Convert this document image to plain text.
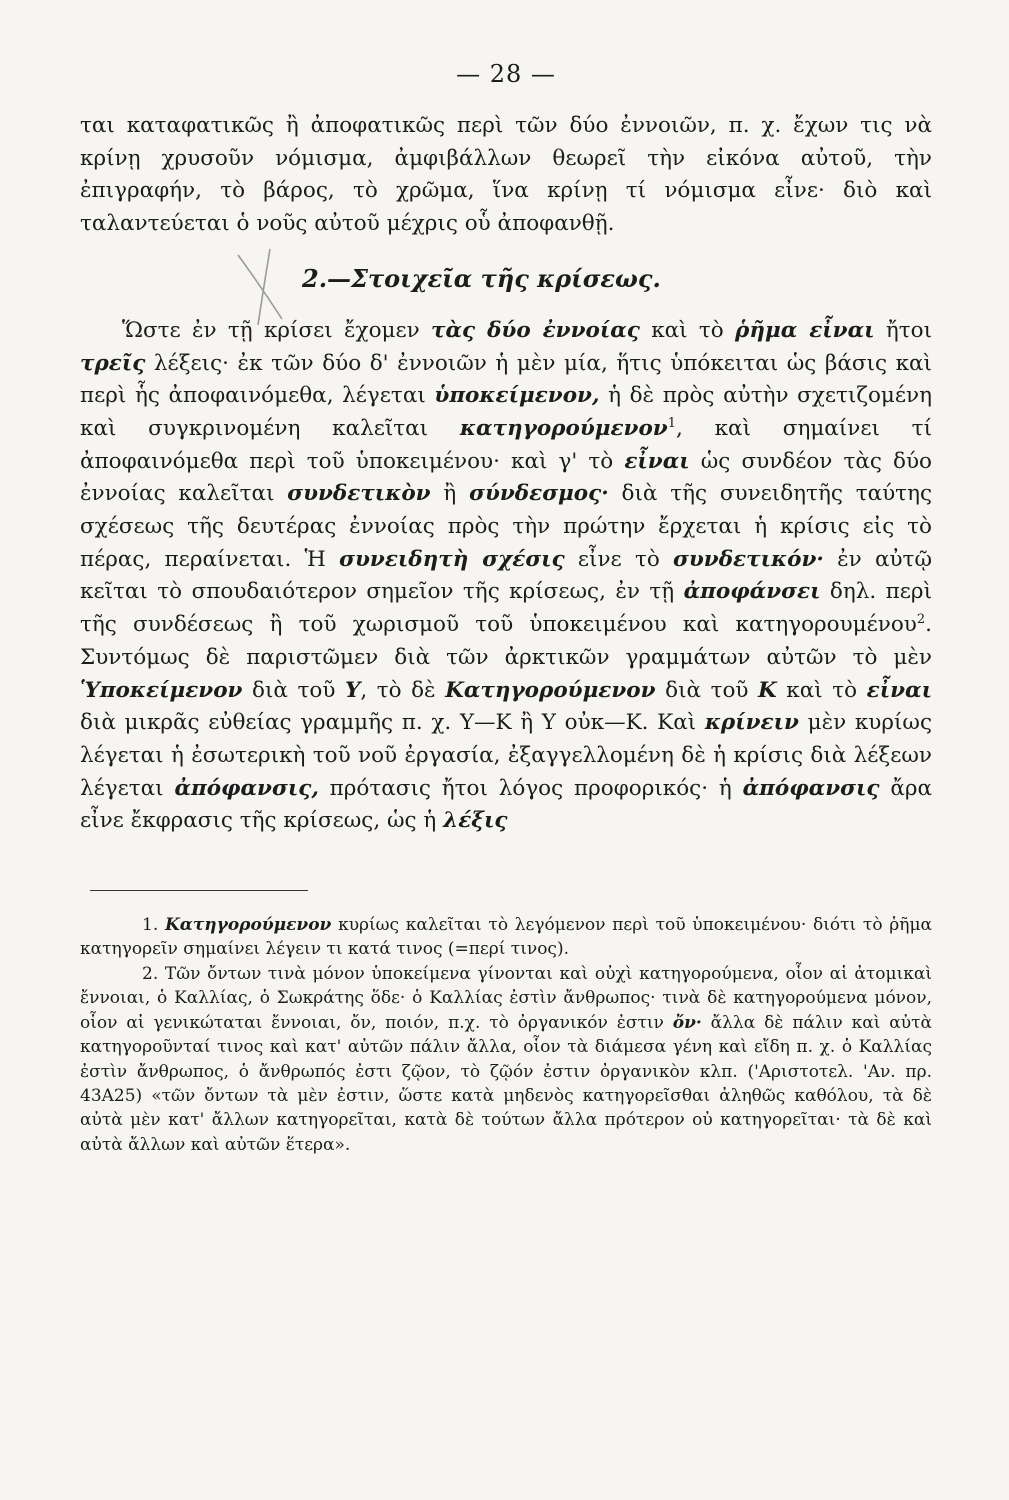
— 28 —

ται καταφατικῶς ἢ ἀποφατικῶς περὶ τῶν δύο ἐννοιῶν, π. χ. ἔχων τις νὰ κρίνῃ χρυσοῦν νόμισμα, ἀμφιβάλλων θεωρεῖ τὴν εἰκόνα αὐτοῦ, τὴν ἐπιγραφήν, τὸ βάρος, τὸ χρῶμα, ἵνα κρίνῃ τί νόμισμα εἶνε· διὸ καὶ ταλαντεύεται ὁ νοῦς αὐτοῦ μέχρις οὗ ἀποφανθῇ.

2.—Στοιχεῖα τῆς κρίσεως.

Ὥστε ἐν τῇ κρίσει ἔχομεν τὰς δύο ἐννοίας καὶ τὸ ῥῆμα εἶναι ἤτοι τρεῖς λέξεις· ἐκ τῶν δύο δ' ἐννοιῶν ἡ μὲν μία, ἥτις ὑπόκειται ὡς βάσις καὶ περὶ ἧς ἀποφαινόμεθα, λέγεται ὑποκείμενον, ἡ δὲ πρὸς αὐτὴν σχετιζομένη καὶ συγκρινομένη καλεῖται κατηγορούμενον$^1$, καὶ σημαίνει τί ἀποφαινόμεθα περὶ τοῦ ὑποκειμένου· καὶ γ' τὸ εἶναι ὡς συνδέον τὰς δύο ἐννοίας καλεῖται συνδετικὸν ἢ σύνδεσμος· διὰ τῆς συνειδητῆς ταύτης σχέσεως τῆς δευτέρας ἐννοίας πρὸς τὴν πρώτην ἔρχεται ἡ κρίσις εἰς τὸ πέρας, περαίνεται. Ἡ συνειδητὴ σχέσις εἶνε τὸ συνδετικόν· ἐν αὐτῷ κεῖται τὸ σπουδαιότερον σημεῖον τῆς κρίσεως, ἐν τῇ ἀποφάνσει δηλ. περὶ τῆς συνδέσεως ἢ τοῦ χωρισμοῦ τοῦ ὑποκειμένου καὶ κατηγορουμένου$^2$. Συντόμως δὲ παριστῶμεν διὰ τῶν ἀρκτικῶν γραμμάτων αὐτῶν τὸ μὲν Ὑποκείμενον διὰ τοῦ Υ, τὸ δὲ Κατηγορούμενον διὰ τοῦ Κ καὶ τὸ εἶναι διὰ μικρᾶς εὐθείας γραμμῆς π. χ. Υ—Κ ἢ Υ οὐκ—Κ. Καὶ κρίνειν μὲν κυρίως λέγεται ἡ ἐσωτερικὴ τοῦ νοῦ ἐργασία, ἐξαγγελλομένη δὲ ἡ κρίσις διὰ λέξεων λέγεται ἀπόφανσις, πρότασις ἤτοι λόγος προφορικός· ἡ ἀπόφανσις ἄρα εἶνε ἔκφρασις τῆς κρίσεως, ὡς ἡ λέξις

1. Κατηγορούμενον κυρίως καλεῖται τὸ λεγόμενον περὶ τοῦ ὑποκειμένου· διότι τὸ ῥῆμα κατηγορεῖν σημαίνει λέγειν τι κατά τινος (=περί τινος).

2. Τῶν ὄντων τινὰ μόνον ὑποκείμενα γίνονται καὶ οὐχὶ κατηγορούμενα, οἷον αἱ ἀτομικαὶ ἔννοιαι, ὁ Καλλίας, ὁ Σωκράτης ὅδε· ὁ Καλλίας ἐστὶν ἄνθρωπος· τινὰ δὲ κατηγορούμενα μόνον, οἷον αἱ γενικώταται ἔννοιαι, ὄν, ποιόν, π.χ. τὸ ὀργανικόν ἐστιν ὄν· ἄλλα δὲ πάλιν καὶ αὐτὰ κατηγοροῦνταί τινος καὶ κατ' αὐτῶν πάλιν ἄλλα, οἷον τὰ διάμεσα γένη καὶ εἴδη π. χ. ὁ Καλλίας ἐστὶν ἄνθρωπος, ὁ ἄνθρωπός ἐστι ζῷον, τὸ ζῷόν ἐστιν ὀργανικὸν κλπ. ('Αριστοτελ. 'Αν. πρ. 43Α25) «τῶν ὄντων τὰ μὲν ἐστιν, ὥστε κατὰ μηδενὸς κατηγορεῖσθαι ἀληθῶς καθόλου, τὰ δὲ αὐτὰ μὲν κατ' ἄλλων κατηγορεῖται, κατὰ δὲ τούτων ἄλλα πρότερον οὐ κατηγορεῖται· τὰ δὲ καὶ αὐτὰ ἄλλων καὶ αὐτῶν ἕτερα».
